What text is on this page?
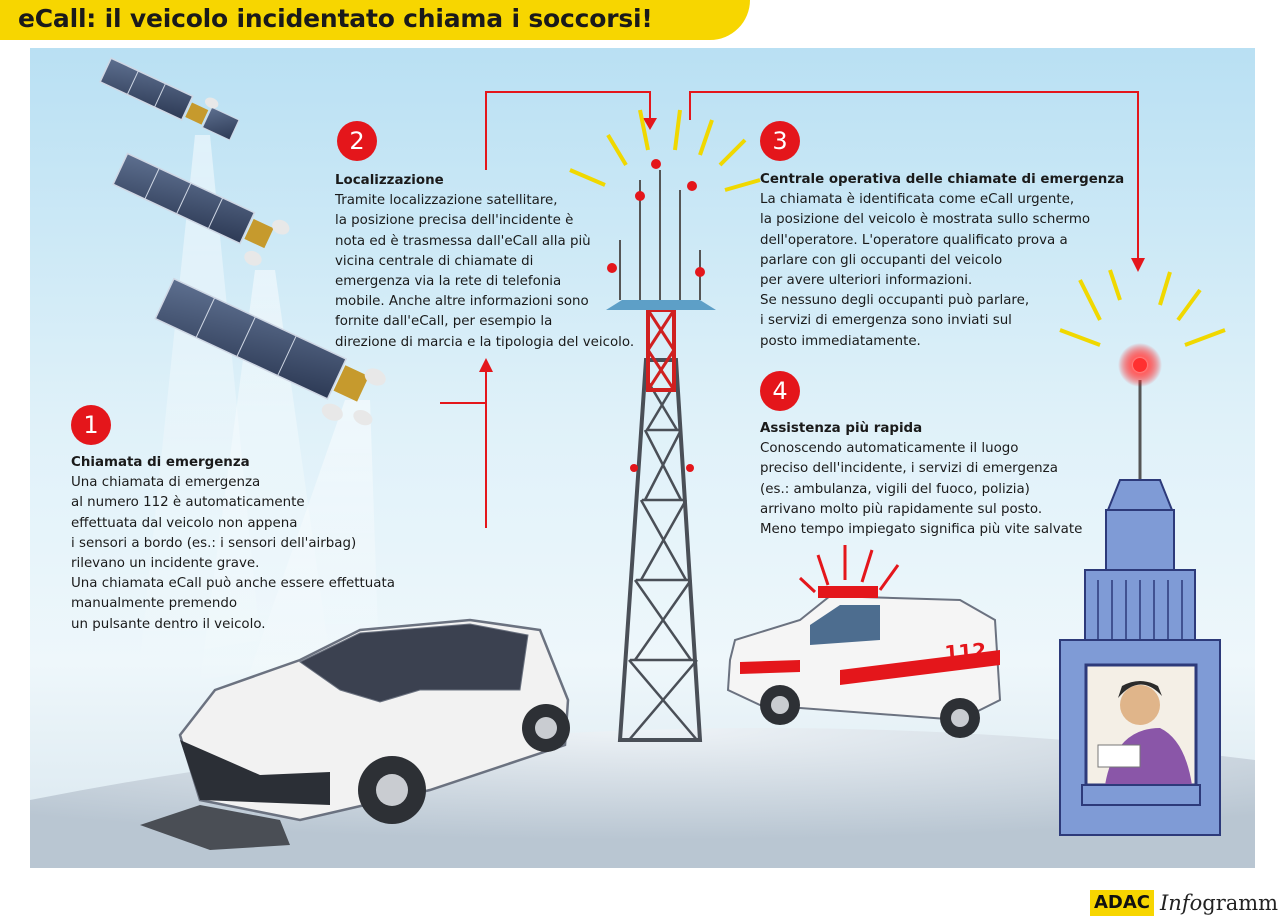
eCall: il veicolo incidentato chiama i soccorsi!
112
1
2	3
4
Chiamata di emergenza
Una chiamata di emergenza
al numero 112 è automaticamente
effettuata dal veicolo non appena
i sensori a bordo (es.: i sensori dell'airbag)
rilevano un incidente grave.
Una chiamata eCall può anche essere effettuata
manualmente premendo
un pulsante dentro il veicolo.
Localizzazione
Tramite localizzazione satellitare,
la posizione precisa dell'incidente è
nota ed è trasmessa dall'eCall alla più
vicina centrale di chiamate di
emergenza via la rete di telefonia
mobile. Anche altre informazioni sono
fornite dall'eCall, per esempio la
direzione di marcia e la tipologia del veicolo.
Centrale operativa delle chiamate di emergenza
La chiamata è identificata come eCall urgente,
la posizione del veicolo è mostrata sullo schermo
dell'operatore. L'operatore qualificato prova a
parlare con gli occupanti del veicolo
per avere ulteriori informazioni.
Se nessuno degli occupanti può parlare,
i servizi di emergenza sono inviati sul
posto immediatamente.
Assistenza più rapida
Conoscendo automaticamente il luogo
preciso dell'incidente, i servizi di emergenza
(es.: ambulanza, vigili del fuoco, polizia)
arrivano molto più rapidamente sul posto.
Meno tempo impiegato significa più vite salvate
ADAC Infogramm
